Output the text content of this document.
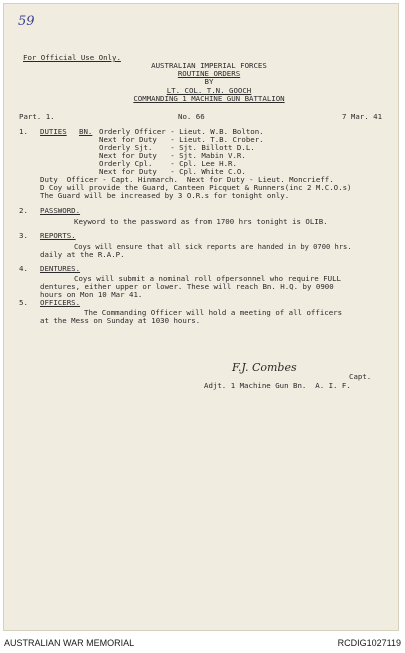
59
For Official Use Only.
AUSTRALIAN IMPERIAL FORCES
ROUTINE ORDERS
BY
LT. COL. T.N. GOOCH
COMMANDING 1 MACHINE GUN BATTALION
Part. 1.	No. 66	7 Mar. 41
1. DUTIES BN. Orderly Officer - Lieut. W.B. Bolton.
Next for Duty   - Lieut. T.B. Crober.
Orderly Sjt.    - Sjt. Billott D.L.
Next for Duty   - Sjt. Mabin V.R.
Orderly Cpl.    - Cpl. Lee H.R.
Next for Duty   - Cpl. White C.O.
Duty  Officer - Capt. Hinmarch.  Next for Duty - Lieut. Moncrieff.
D Coy will provide the Guard, Canteen Picquet & Runners(inc 2 M.C.O.s)
The Guard will be increased by 3 O.R.s for tonight only.
2. PASSWORD.
Keyword to the password as from 1700 hrs tonight is OLIB.
3. REPORTS.
Coys will ensure that all sick reports are handed in by 0700 hrs.
daily at the R.A.P.
4. DENTURES.
Coys will submit a nominal roll ofpersonnel who require FULL
dentures, either upper or lower. These will reach Bn. H.Q. by 0900
hours on Mon 10 Mar 41.
5. OFFICERS.
The Commanding Officer will hold a meeting of all officers
at the Mess on Sunday at 1030 hours.
F.J. Combes
Capt.
Adjt. 1 Machine Gun Bn.  A. I. F.
AUSTRALIAN WAR MEMORIAL	RCDIG1027119
